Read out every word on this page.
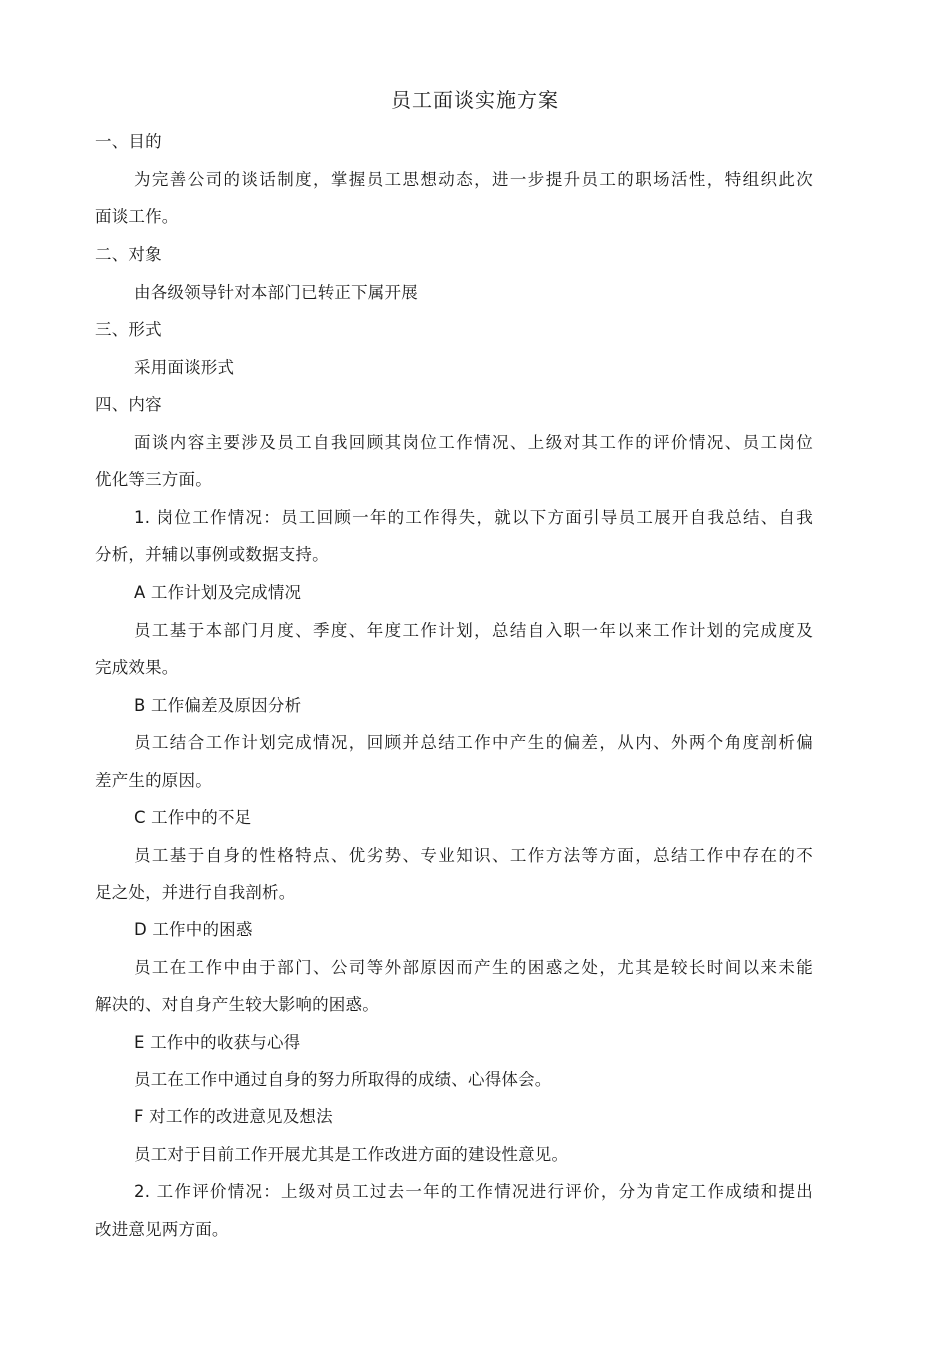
员工面谈实施方案
一、目的
为完善公司的谈话制度，掌握员工思想动态，进一步提升员工的职场活性，特组织此次
面谈工作。
二、对象
由各级领导针对本部门已转正下属开展
三、形式
采用面谈形式
四、内容
面谈内容主要涉及员工自我回顾其岗位工作情况、上级对其工作的评价情况、员工岗位
优化等三方面。
1. 岗位工作情况：员工回顾一年的工作得失，就以下方面引导员工展开自我总结、自我
分析，并辅以事例或数据支持。
A 工作计划及完成情况
员工基于本部门月度、季度、年度工作计划，总结自入职一年以来工作计划的完成度及
完成效果。
B 工作偏差及原因分析
员工结合工作计划完成情况，回顾并总结工作中产生的偏差，从内、外两个角度剖析偏
差产生的原因。
C 工作中的不足
员工基于自身的性格特点、优劣势、专业知识、工作方法等方面，总结工作中存在的不
足之处，并进行自我剖析。
D 工作中的困惑
员工在工作中由于部门、公司等外部原因而产生的困惑之处，尤其是较长时间以来未能
解决的、对自身产生较大影响的困惑。
E 工作中的收获与心得
员工在工作中通过自身的努力所取得的成绩、心得体会。
F 对工作的改进意见及想法
员工对于目前工作开展尤其是工作改进方面的建设性意见。
2. 工作评价情况：上级对员工过去一年的工作情况进行评价，分为肯定工作成绩和提出
改进意见两方面。
